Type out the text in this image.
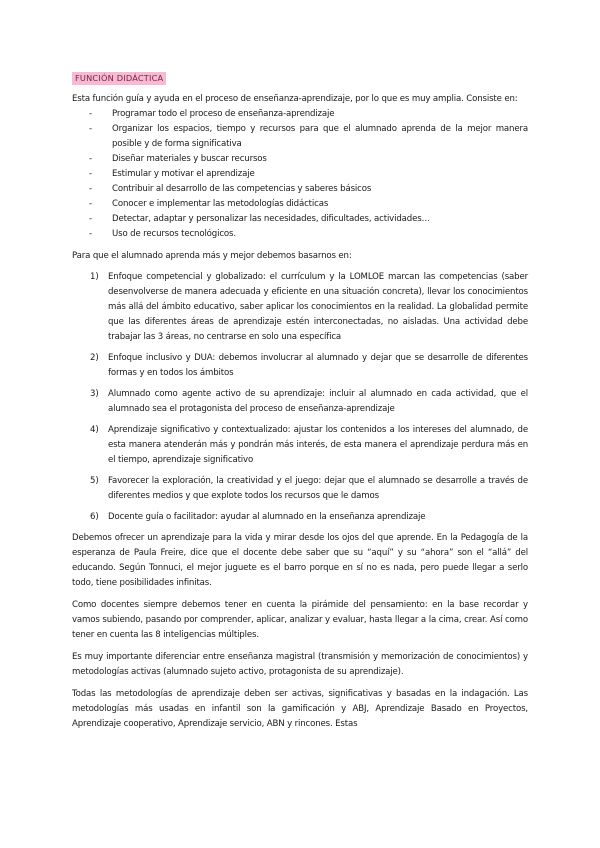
FUNCIÓN DIDÁCTICA

Esta función guía y ayuda en el proceso de enseñanza-aprendizaje, por lo que es muy amplia. Consiste en:

- Programar todo el proceso de enseñanza-aprendizaje
- Organizar los espacios, tiempo y recursos para que el alumnado aprenda de la mejor manera posible y de forma significativa
- Diseñar materiales y buscar recursos
- Estimular y motivar el aprendizaje
- Contribuir al desarrollo de las competencias y saberes básicos
- Conocer e implementar las metodologías didácticas
- Detectar, adaptar y personalizar las necesidades, dificultades, actividades…
- Uso de recursos tecnológicos.

Para que el alumnado aprenda más y mejor debemos basarnos en:

1) Enfoque competencial y globalizado: el currículum y la LOMLOE marcan las competencias (saber desenvolverse de manera adecuada y eficiente en una situación concreta), llevar los conocimientos más allá del ámbito educativo, saber aplicar los conocimientos en la realidad. La globalidad permite que las diferentes áreas de aprendizaje estén interconectadas, no aisladas. Una actividad debe trabajar las 3 áreas, no centrarse en solo una específica
2) Enfoque inclusivo y DUA: debemos involucrar al alumnado y dejar que se desarrolle de diferentes formas y en todos los ámbitos
3) Alumnado como agente activo de su aprendizaje: incluir al alumnado en cada actividad, que el alumnado sea el protagonista del proceso de enseñanza-aprendizaje
4) Aprendizaje significativo y contextualizado: ajustar los contenidos a los intereses del alumnado, de esta manera atenderán más y pondrán más interés, de esta manera el aprendizaje perdura más en el tiempo, aprendizaje significativo
5) Favorecer la exploración, la creatividad y el juego: dejar que el alumnado se desarrolle a través de diferentes medios y que explote todos los recursos que le damos
6) Docente guía o facilitador: ayudar al alumnado en la enseñanza aprendizaje

Debemos ofrecer un aprendizaje para la vida y mirar desde los ojos del que aprende. En la Pedagogía de la esperanza de Paula Freire, dice que el docente debe saber que su “aquí” y su “ahora” son el “allá” del educando. Según Tonnuci, el mejor juguete es el barro porque en sí no es nada, pero puede llegar a serlo todo, tiene posibilidades infinitas.

Como docentes siempre debemos tener en cuenta la pirámide del pensamiento: en la base recordar y vamos subiendo, pasando por comprender, aplicar, analizar y evaluar, hasta llegar a la cima, crear. Así como tener en cuenta las 8 inteligencias múltiples.

Es muy importante diferenciar entre enseñanza magistral (transmisión y memorización de conocimientos) y metodologías activas (alumnado sujeto activo, protagonista de su aprendizaje).

Todas las metodologías de aprendizaje deben ser activas, significativas y basadas en la indagación. Las metodologías más usadas en infantil son la gamificación y ABJ, Aprendizaje Basado en Proyectos, Aprendizaje cooperativo, Aprendizaje servicio, ABN y rincones. Estas
